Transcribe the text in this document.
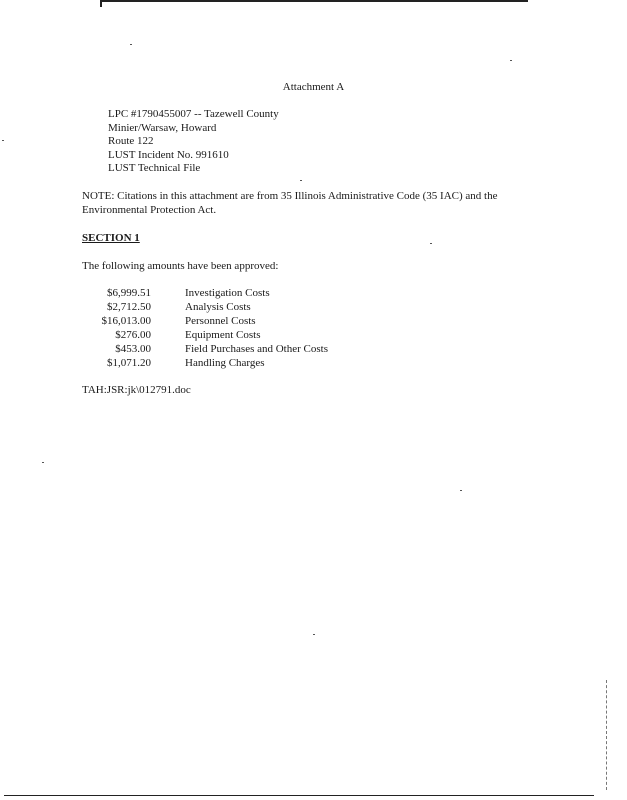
Attachment A
LPC #1790455007 -- Tazewell County
Minier/Warsaw, Howard
Route 122
LUST Incident No. 991610
LUST Technical File
NOTE: Citations in this attachment are from 35 Illinois Administrative Code (35 IAC) and the Environmental Protection Act.
SECTION 1
The following amounts have been approved:
$6,999.51	Investigation Costs
$2,712.50	Analysis Costs
$16,013.00	Personnel Costs
$276.00	Equipment Costs
$453.00	Field Purchases and Other Costs
$1,071.20	Handling Charges
TAH:JSR:jk\012791.doc
